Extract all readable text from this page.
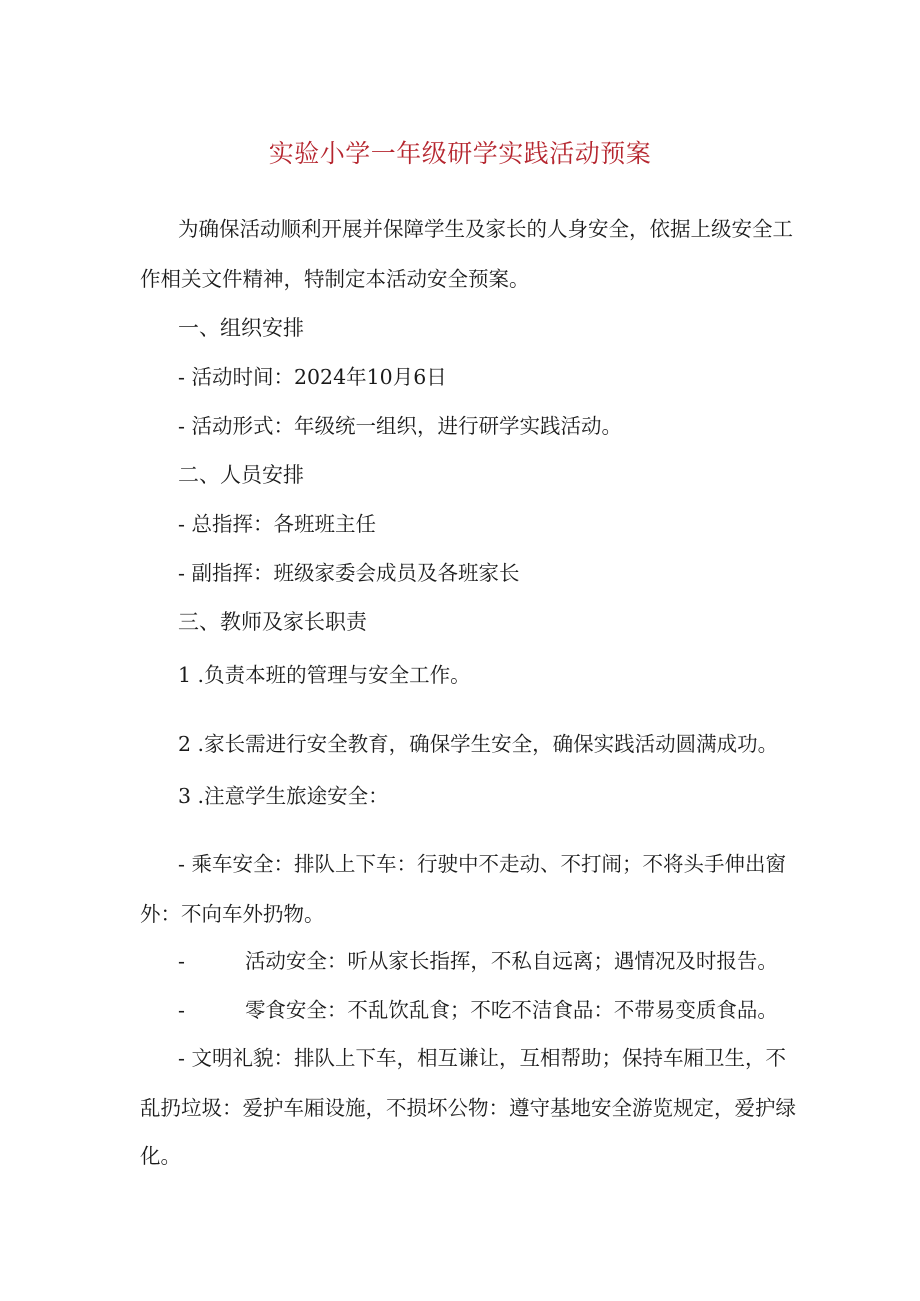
实验小学一年级研学实践活动预案
为确保活动顺利开展并保障学生及家长的人身安全，依据上级安全工
作相关文件精神，特制定本活动安全预案。
一、组织安排
- 活动时间：2024年10月6日
- 活动形式：年级统一组织，进行研学实践活动。
二、人员安排
- 总指挥：各班班主任
- 副指挥：班级家委会成员及各班家长
三、教师及家长职责
1 .负责本班的管理与安全工作。
2 .家长需进行安全教育，确保学生安全，确保实践活动圆满成功。
3 .注意学生旅途安全：
- 乘车安全：排队上下车：行驶中不走动、不打闹；不将头手伸出窗
外：不向车外扔物。
-	活动安全：听从家长指挥，不私自远离；遇情况及时报告。
-	零食安全：不乱饮乱食；不吃不洁食品：不带易变质食品。
- 文明礼貌：排队上下车，相互谦让，互相帮助；保持车厢卫生，不
乱扔垃圾：爱护车厢设施，不损坏公物：遵守基地安全游览规定，爱护绿
化。
